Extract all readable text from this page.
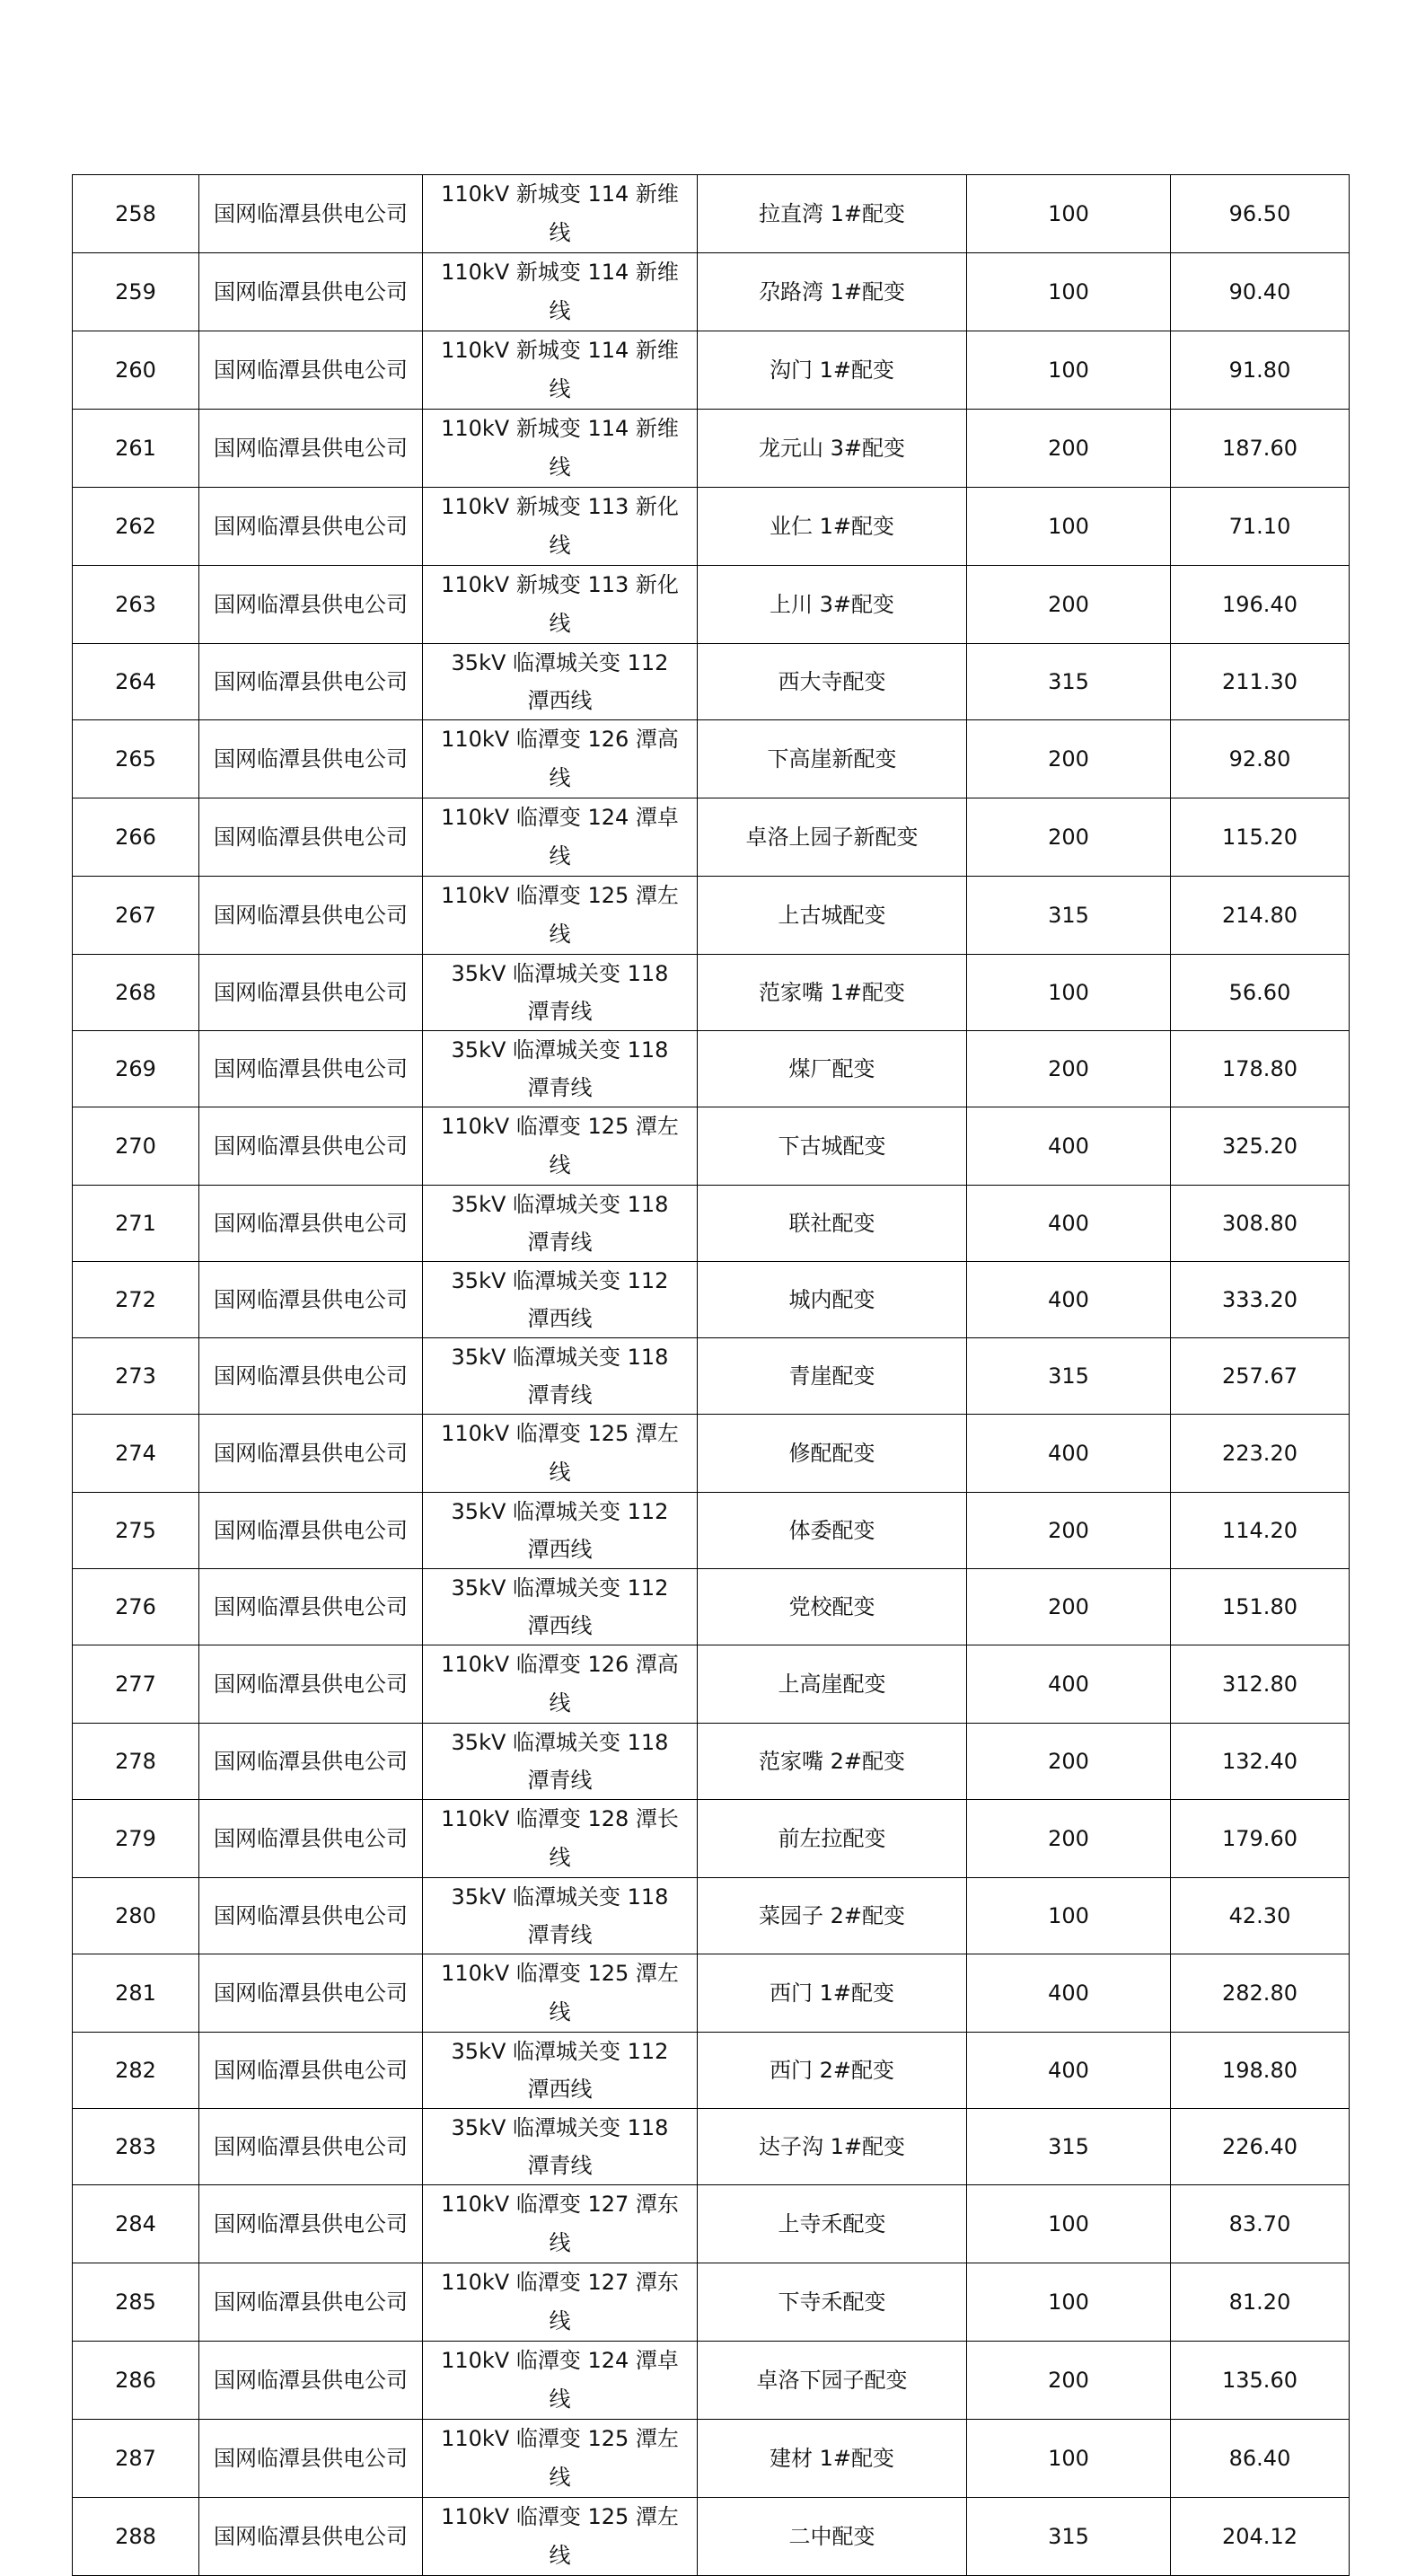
258	国网临潭县供电公司	110kV 新城变 114 新维线	拉直湾 1#配变	100	96.50
259	国网临潭县供电公司	110kV 新城变 114 新维线	尕路湾 1#配变	100	90.40
260	国网临潭县供电公司	110kV 新城变 114 新维线	沟门 1#配变	100	91.80
261	国网临潭县供电公司	110kV 新城变 114 新维线	龙元山 3#配变	200	187.60
262	国网临潭县供电公司	110kV 新城变 113 新化线	业仁 1#配变	100	71.10
263	国网临潭县供电公司	110kV 新城变 113 新化线	上川 3#配变	200	196.40
264	国网临潭县供电公司	35kV 临潭城关变 112 潭西线	西大寺配变	315	211.30
265	国网临潭县供电公司	110kV 临潭变 126 潭高线	下高崖新配变	200	92.80
266	国网临潭县供电公司	110kV 临潭变 124 潭卓线	卓洛上园子新配变	200	115.20
267	国网临潭县供电公司	110kV 临潭变 125 潭左线	上古城配变	315	214.80
268	国网临潭县供电公司	35kV 临潭城关变 118 潭青线	范家嘴 1#配变	100	56.60
269	国网临潭县供电公司	35kV 临潭城关变 118 潭青线	煤厂配变	200	178.80
270	国网临潭县供电公司	110kV 临潭变 125 潭左线	下古城配变	400	325.20
271	国网临潭县供电公司	35kV 临潭城关变 118 潭青线	联社配变	400	308.80
272	国网临潭县供电公司	35kV 临潭城关变 112 潭西线	城内配变	400	333.20
273	国网临潭县供电公司	35kV 临潭城关变 118 潭青线	青崖配变	315	257.67
274	国网临潭县供电公司	110kV 临潭变 125 潭左线	修配配变	400	223.20
275	国网临潭县供电公司	35kV 临潭城关变 112 潭西线	体委配变	200	114.20
276	国网临潭县供电公司	35kV 临潭城关变 112 潭西线	党校配变	200	151.80
277	国网临潭县供电公司	110kV 临潭变 126 潭高线	上高崖配变	400	312.80
278	国网临潭县供电公司	35kV 临潭城关变 118 潭青线	范家嘴 2#配变	200	132.40
279	国网临潭县供电公司	110kV 临潭变 128 潭长线	前左拉配变	200	179.60
280	国网临潭县供电公司	35kV 临潭城关变 118 潭青线	菜园子 2#配变	100	42.30
281	国网临潭县供电公司	110kV 临潭变 125 潭左线	西门 1#配变	400	282.80
282	国网临潭县供电公司	35kV 临潭城关变 112 潭西线	西门 2#配变	400	198.80
283	国网临潭县供电公司	35kV 临潭城关变 118 潭青线	达子沟 1#配变	315	226.40
284	国网临潭县供电公司	110kV 临潭变 127 潭东线	上寺禾配变	100	83.70
285	国网临潭县供电公司	110kV 临潭变 127 潭东线	下寺禾配变	100	81.20
286	国网临潭县供电公司	110kV 临潭变 124 潭卓线	卓洛下园子配变	200	135.60
287	国网临潭县供电公司	110kV 临潭变 125 潭左线	建材 1#配变	100	86.40
288	国网临潭县供电公司	110kV 临潭变 125 潭左线	二中配变	315	204.12
